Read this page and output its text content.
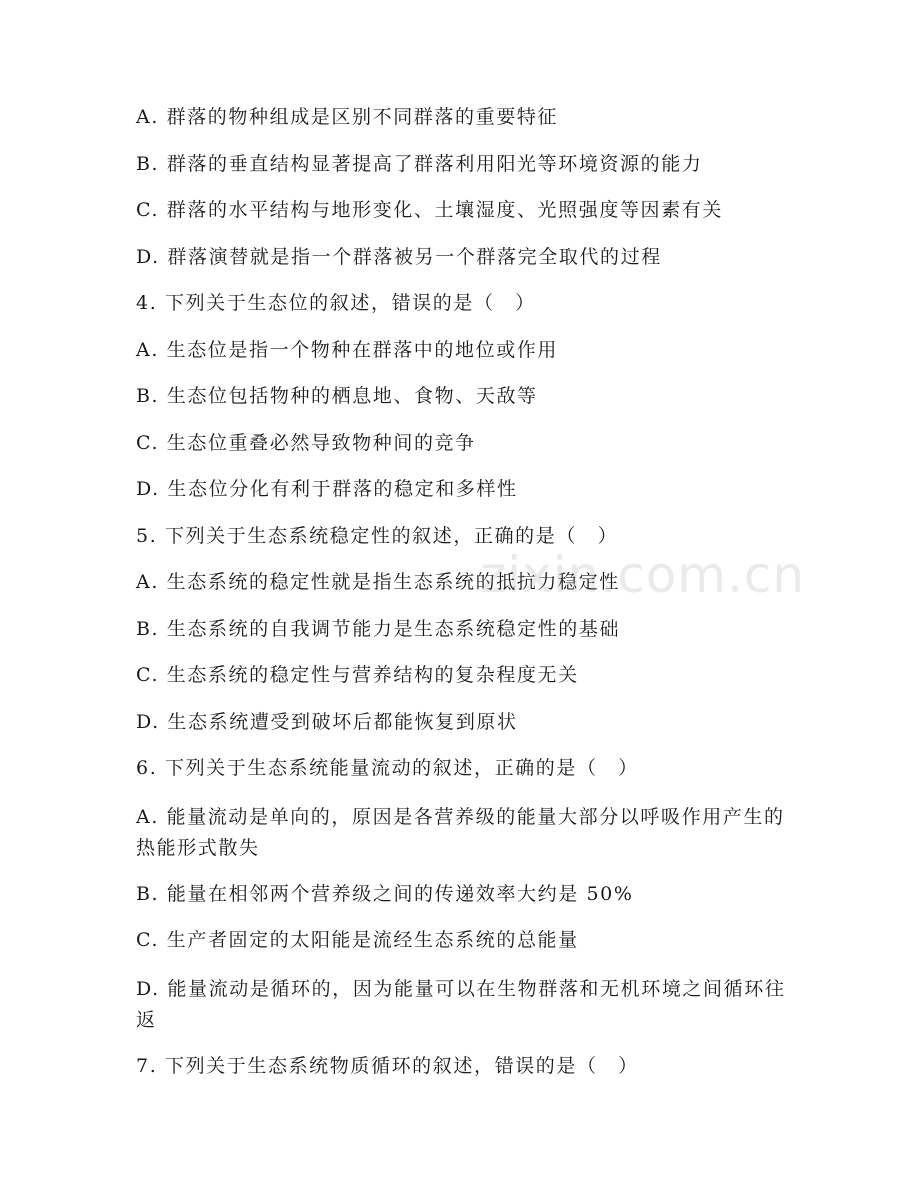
A. 群落的物种组成是区别不同群落的重要特征
B. 群落的垂直结构显著提高了群落利用阳光等环境资源的能力
C. 群落的水平结构与地形变化、土壤湿度、光照强度等因素有关
D. 群落演替就是指一个群落被另一个群落完全取代的过程
4. 下列关于生态位的叙述，错误的是（　）
A. 生态位是指一个物种在群落中的地位或作用
B. 生态位包括物种的栖息地、食物、天敌等
C. 生态位重叠必然导致物种间的竞争
D. 生态位分化有利于群落的稳定和多样性
5. 下列关于生态系统稳定性的叙述，正确的是（　）
A. 生态系统的稳定性就是指生态系统的抵抗力稳定性
B. 生态系统的自我调节能力是生态系统稳定性的基础
C. 生态系统的稳定性与营养结构的复杂程度无关
D. 生态系统遭受到破坏后都能恢复到原状
6. 下列关于生态系统能量流动的叙述，正确的是（　）
A. 能量流动是单向的，原因是各营养级的能量大部分以呼吸作用产生的热能形式散失
B. 能量在相邻两个营养级之间的传递效率大约是 50%
C. 生产者固定的太阳能是流经生态系统的总能量
D. 能量流动是循环的，因为能量可以在生物群落和无机环境之间循环往返
7. 下列关于生态系统物质循环的叙述，错误的是（　）
zixin.com.cn
